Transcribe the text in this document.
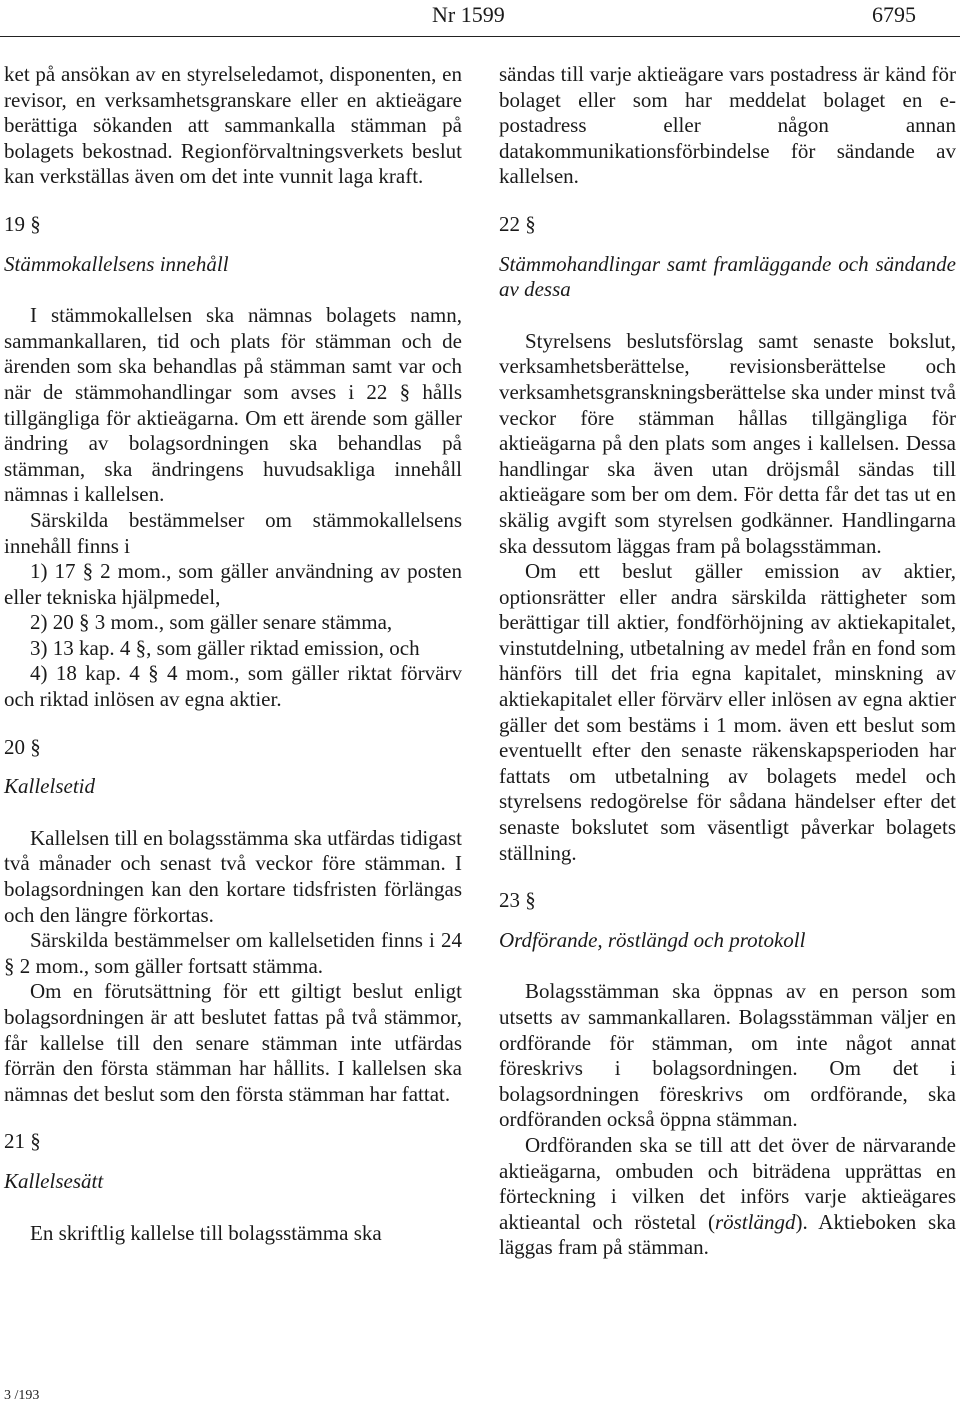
Nr 1599	6795

ket på ansökan av en styrelseledamot, disponenten, en revisor, en verksamhetsgranskare eller en aktieägare berättiga sökanden att sammankalla stämman på bolagets bekostnad. Regionförvaltningsverkets beslut kan verkställas även om det inte vunnit laga kraft.

19 §

Stämmokallelsens innehåll

I stämmokallelsen ska nämnas bolagets namn, sammankallaren, tid och plats för stämman och de ärenden som ska behandlas på stämman samt var och när de stämmohandlingar som avses i 22 § hålls tillgängliga för aktieägarna. Om ett ärende som gäller ändring av bolagsordningen ska behandlas på stämman, ska ändringens huvudsakliga innehåll nämnas i kallelsen.

Särskilda bestämmelser om stämmokallelsens innehåll finns i

1) 17 § 2 mom., som gäller användning av posten eller tekniska hjälpmedel,

2) 20 § 3 mom., som gäller senare stämma,

3) 13 kap. 4 §, som gäller riktad emission, och

4) 18 kap. 4 § 4 mom., som gäller riktat förvärv och riktad inlösen av egna aktier.

20 §

Kallelsetid

Kallelsen till en bolagsstämma ska utfärdas tidigast två månader och senast två veckor före stämman. I bolagsordningen kan den kortare tidsfristen förlängas och den längre förkortas.

Särskilda bestämmelser om kallelsetiden finns i 24 § 2 mom., som gäller fortsatt stämma.

Om en förutsättning för ett giltigt beslut enligt bolagsordningen är att beslutet fattas på två stämmor, får kallelse till den senare stämman inte utfärdas förrän den första stämman har hållits. I kallelsen ska nämnas det beslut som den första stämman har fattat.

21 §

Kallelsesätt

En skriftlig kallelse till bolagsstämma ska

sändas till varje aktieägare vars postadress är känd för bolaget eller som har meddelat bolaget en e-postadress eller någon annan datakommunikationsförbindelse för sändande av kallelsen.

22 §

Stämmohandlingar samt framläggande och sändande av dessa

Styrelsens beslutsförslag samt senaste bokslut, verksamhetsberättelse, revisionsberättelse och verksamhetsgranskningsberättelse ska under minst två veckor före stämman hållas tillgängliga för aktieägarna på den plats som anges i kallelsen. Dessa handlingar ska även utan dröjsmål sändas till aktieägare som ber om dem. För detta får det tas ut en skälig avgift som styrelsen godkänner. Handlingarna ska dessutom läggas fram på bolagsstämman.

Om ett beslut gäller emission av aktier, optionsrätter eller andra särskilda rättigheter som berättigar till aktier, fondförhöjning av aktiekapitalet, vinstutdelning, utbetalning av medel från en fond som hänförs till det fria egna kapitalet, minskning av aktiekapitalet eller förvärv eller inlösen av egna aktier gäller det som bestäms i 1 mom. även ett beslut som eventuellt efter den senaste räkenskapsperioden har fattats om utbetalning av bolagets medel och styrelsens redogörelse för sådana händelser efter det senaste bokslutet som väsentligt påverkar bolagets ställning.

23 §

Ordförande, röstlängd och protokoll

Bolagsstämman ska öppnas av en person som utsetts av sammankallaren. Bolagsstämman väljer en ordförande för stämman, om inte något annat föreskrivs i bolagsordningen. Om det i bolagsordningen föreskrivs om ordförande, ska ordföranden också öppna stämman.

Ordföranden ska se till att det över de närvarande aktieägarna, ombuden och biträdena upprättas en förteckning i vilken det införs varje aktieägares aktieantal och röstetal (röstlängd). Aktieboken ska läggas fram på stämman.

3 /193
